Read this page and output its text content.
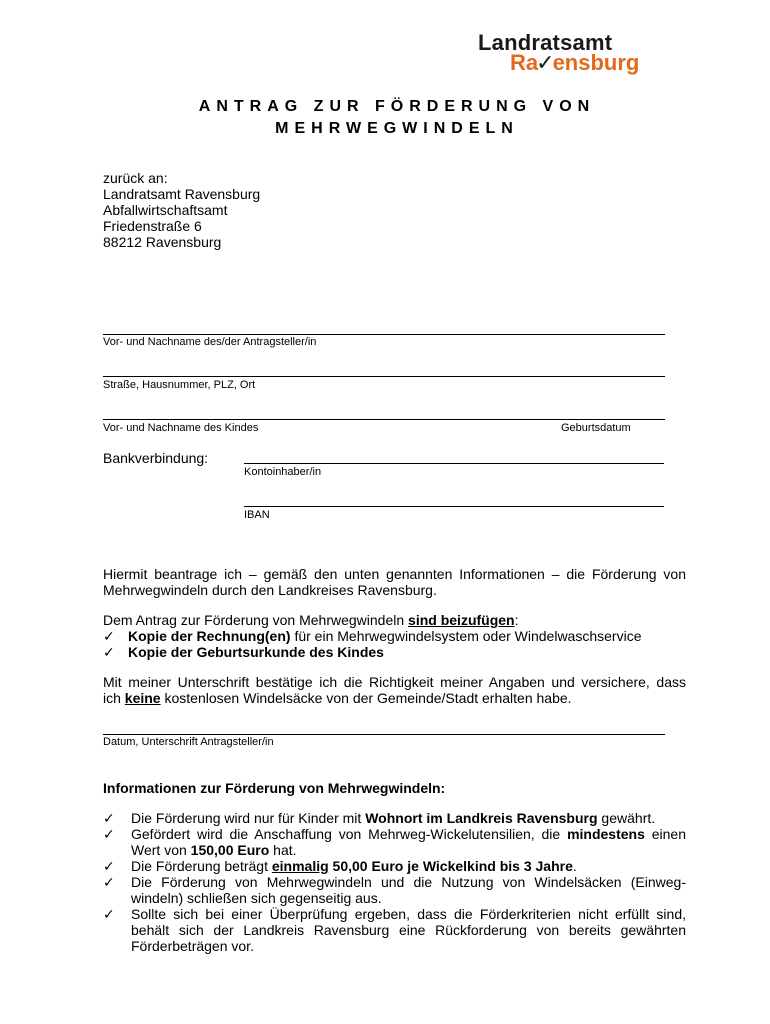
Landratsamt
Ra✓ensburg
ANTRAG ZUR FÖRDERUNG VON
MEHRWEGWINDELN
zurück an:
Landratsamt Ravensburg
Abfallwirtschaftsamt
Friedenstraße 6
88212 Ravensburg
Vor- und Nachname des/der Antragsteller/in
Straße, Hausnummer, PLZ, Ort
Vor- und Nachname des Kindes	Geburtsdatum
Bankverbindung:
Kontoinhaber/in
IBAN
Hiermit beantrage ich – gemäß den unten genannten Informationen – die Förderung von
Mehrwegwindeln durch den Landkreises Ravensburg.
Dem Antrag zur Förderung von Mehrwegwindeln sind beizufügen:
✓ Kopie der Rechnung(en) für ein Mehrwegwindelsystem oder Windelwaschservice
✓ Kopie der Geburtsurkunde des Kindes
Mit meiner Unterschrift bestätige ich die Richtigkeit meiner Angaben und versichere, dass
ich keine kostenlosen Windelsäcke von der Gemeinde/Stadt erhalten habe.
Datum, Unterschrift Antragsteller/in
Informationen zur Förderung von Mehrwegwindeln:
✓	Die Förderung wird nur für Kinder mit Wohnort im Landkreis Ravensburg gewährt.
✓	Gefördert wird die Anschaffung von Mehrweg-Wickelutensilien, die mindestens einen Wert von 150,00 Euro hat.
✓	Die Förderung beträgt einmalig 50,00 Euro je Wickelkind bis 3 Jahre.
✓	Die Förderung von Mehrwegwindeln und die Nutzung von Windelsäcken (Einweg-windeln) schließen sich gegenseitig aus.
✓	Sollte sich bei einer Überprüfung ergeben, dass die Förderkriterien nicht erfüllt sind, behält sich der Landkreis Ravensburg eine Rückforderung von bereits gewährten Förderbeträgen vor.
